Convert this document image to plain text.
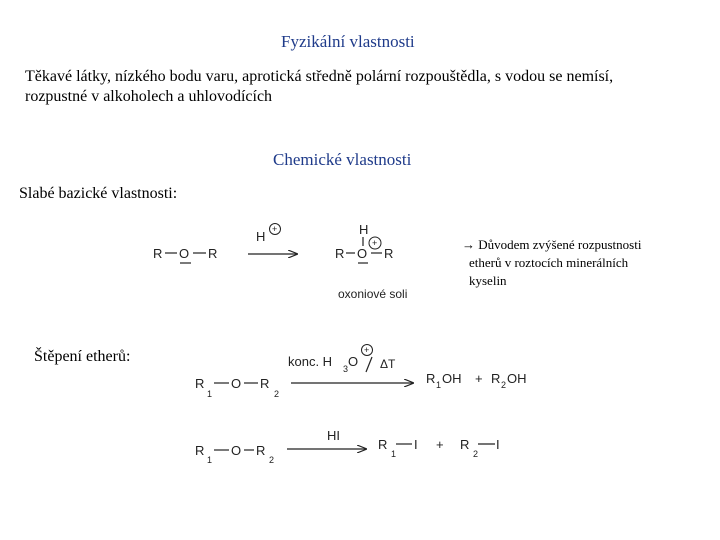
Fyzikální vlastnosti
Těkavé látky, nízkého bodu varu, aprotická středně polární rozpouštědla, s vodou se nemísí,
rozpustné v alkoholech a uhlovodících
Chemické vlastnosti
Slabé bazické vlastnosti:
→ Důvodem zvýšené rozpustnosti
etherů v roztocích minerálních
kyselin
Štěpení etherů:
R O R
H +	H
R O
+
R
oxoniové soli
R
1
O R
2
konc. H 3 O
+
ΔT
R 1 OH + R 2 OH
R
1
O R
2
HI
R
1
I + R
2
I
